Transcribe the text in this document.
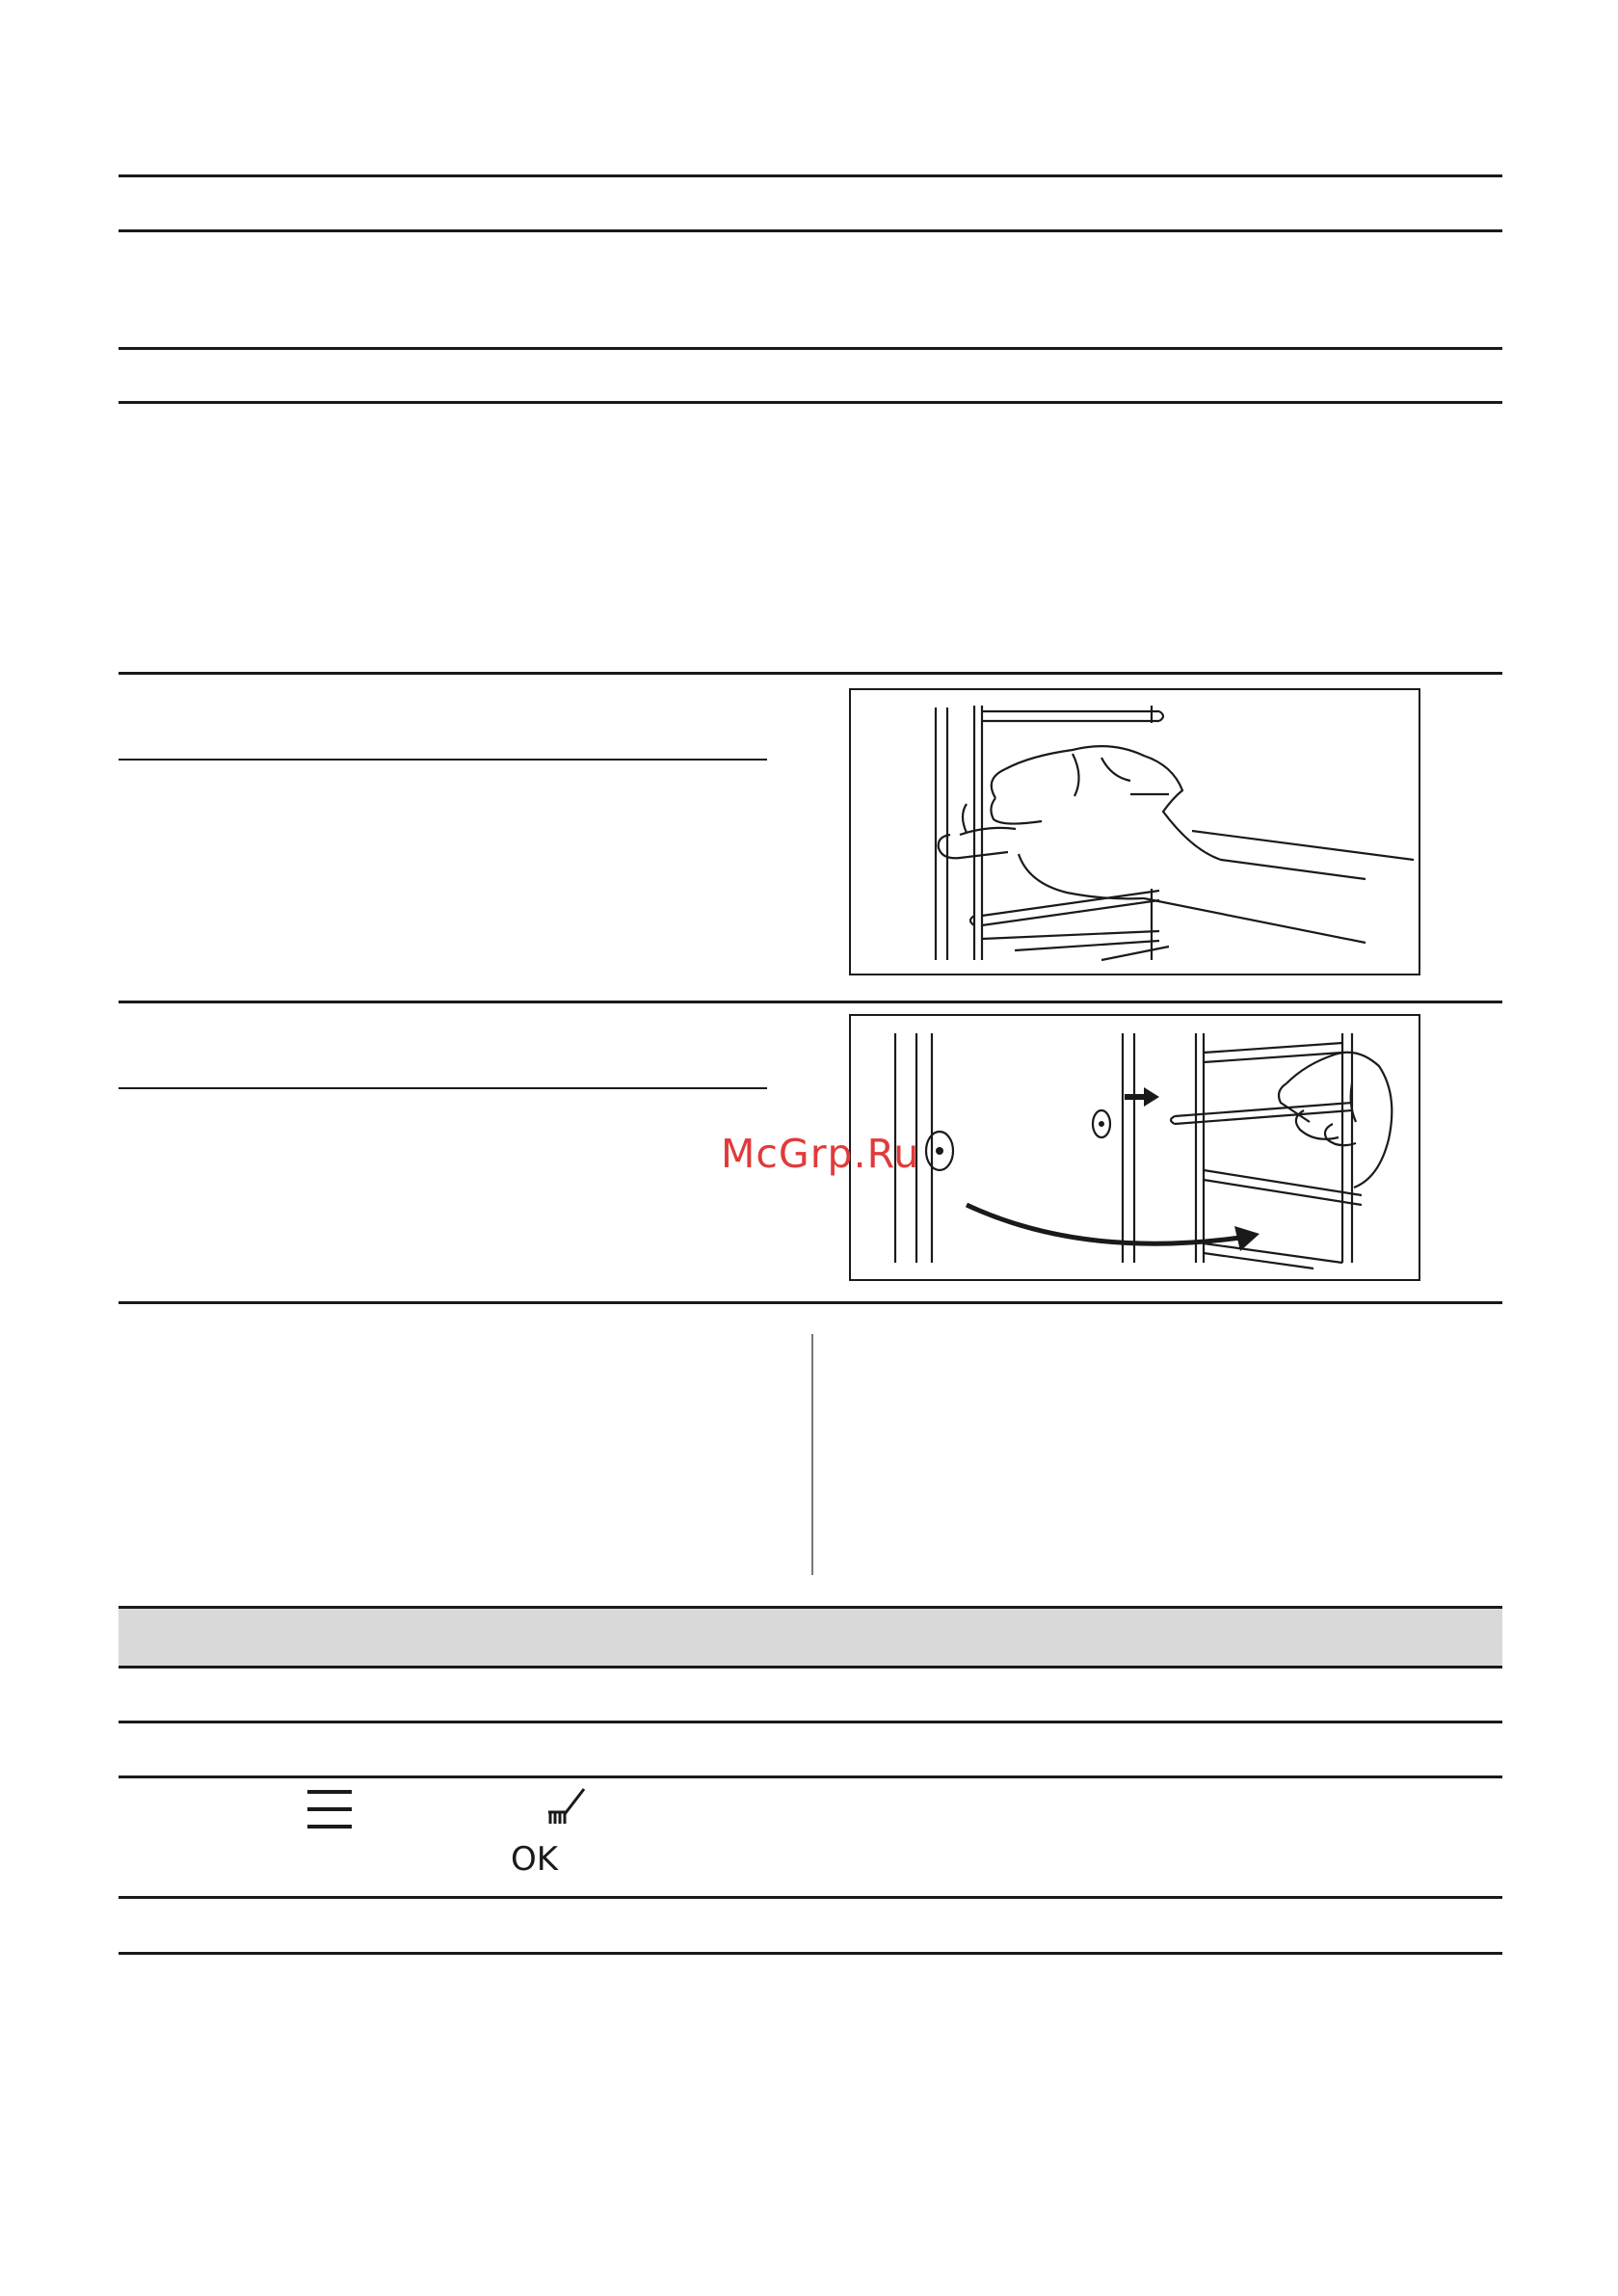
McGrp.Ru
OK
